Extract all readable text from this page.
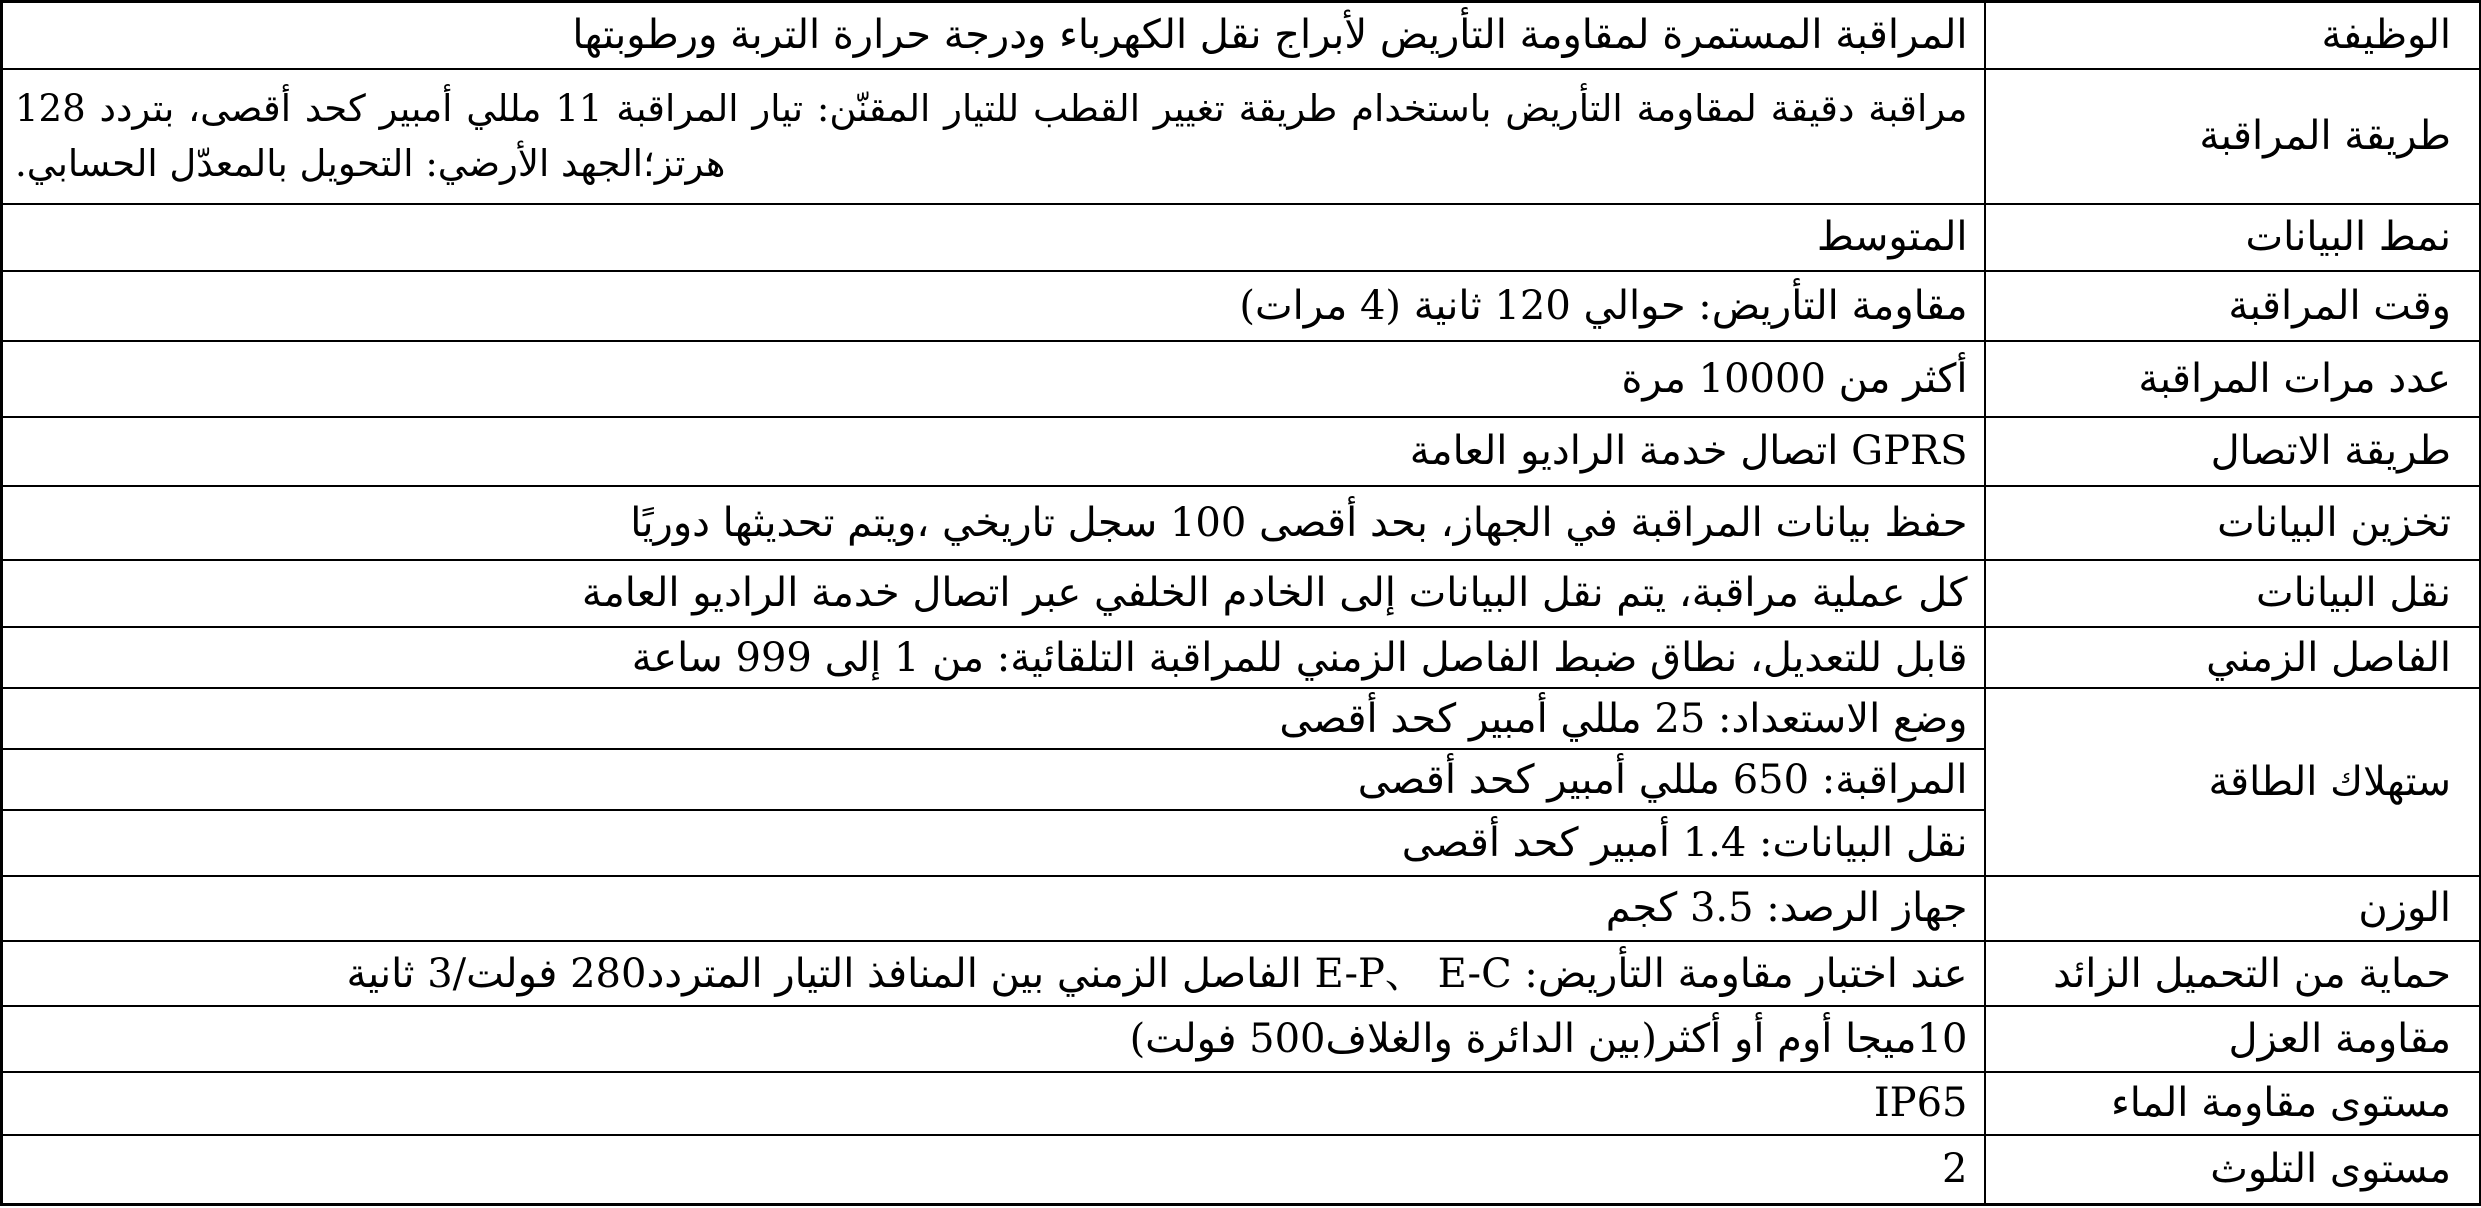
الوظيفة	المراقبة المستمرة لمقاومة التأريض لأبراج نقل الكهرباء ودرجة حرارة التربة ورطوبتها
طريقة المراقبة	مراقبة دقيقة لمقاومة التأريض باستخدام طريقة تغيير القطب للتيار المقنّن: تيار المراقبة 11 مللي أمبير كحد أقصى، بتردد 128 هرتز؛الجهد الأرضي: التحويل بالمعدّل الحسابي.
نمط البيانات	المتوسط
وقت المراقبة	مقاومة التأريض: حوالي 120 ثانية (4 مرات)
عدد مرات المراقبة	أكثر من 10000 مرة
طريقة الاتصال	GPRS اتصال خدمة الراديو العامة
تخزين البيانات	حفظ بيانات المراقبة في الجهاز، بحد أقصى 100 سجل تاريخي ،ويتم تحديثها دوريًا
نقل البيانات	كل عملية مراقبة، يتم نقل البيانات إلى الخادم الخلفي عبر اتصال خدمة الراديو العامة
الفاصل الزمني	قابل للتعديل، نطاق ضبط الفاصل الزمني للمراقبة التلقائية: من 1 إلى 999 ساعة
ستهلاك الطاقة	وضع الاستعداد: 25 مللي أمبير كحد أقصى
	المراقبة: 650 مللي أمبير كحد أقصى
	نقل البيانات: 1.4 أمبير كحد أقصى
الوزن	جهاز الرصد: 3.5 كجم
حماية من التحميل الزائد	عند اختبار مقاومة التأريض: E-P、 E-C الفاصل الزمني بين المنافذ التيار المتردد280 فولت/3 ثانية
مقاومة العزل	10ميجا أوم أو أكثر(بين الدائرة والغلاف500 فولت)
مستوى مقاومة الماء	IP65
مستوى التلوث	2
